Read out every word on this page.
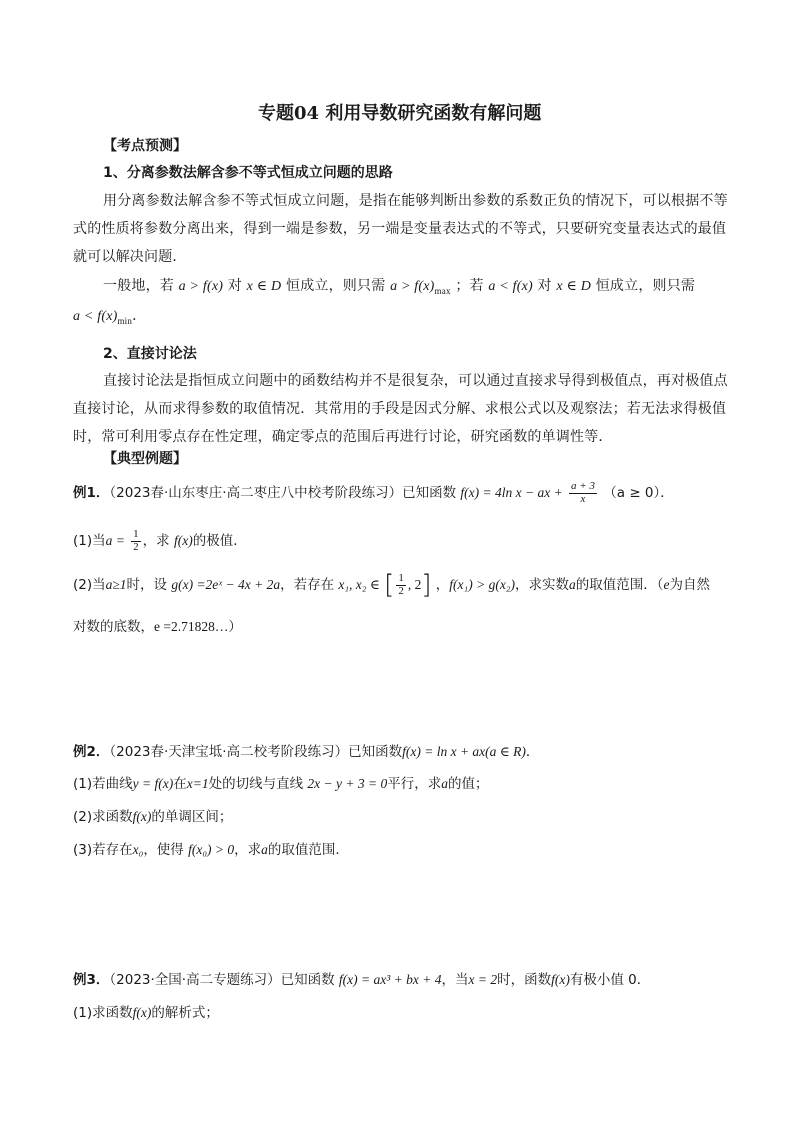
专题04 利用导数研究函数有解问题
【考点预测】
1、分离参数法解含参不等式恒成立问题的思路
用分离参数法解含参不等式恒成立问题，是指在能够判断出参数的系数正负的情况下，可以根据不等
式的性质将参数分离出来，得到一端是参数，另一端是变量表达式的不等式，只要研究变量表达式的最值
就可以解决问题．
一般地，若 a > f(x) 对 x ∈ D 恒成立，则只需 $a > f(x)_{max}$ ；若 a < f(x) 对 x ∈ D 恒成立，则只需
$a < f(x)_{min}$．
2、直接讨论法
直接讨论法是指恒成立问题中的函数结构并不是很复杂，可以通过直接求导得到极值点，再对极值点
直接讨论，从而求得参数的取值情况．其常用的手段是因式分解、求根公式以及观察法；若无法求得极值
时，常可利用零点存在性定理，确定零点的范围后再进行讨论，研究函数的单调性等．
【典型例题】
例1．（2023春·山东枣庄·高二枣庄八中校考阶段练习）已知函数 f(x) = 4ln x − ax + $\frac{a + 3}{x} (a \ge 0)$．
(1)当$a = \frac{1}{2}$ ，求 f(x)的极值．
(2)当a≥1时，设 g(x) =2eˣ − 4x + 2a，若存在 x₁, x₂ ∈ [ $\frac{1}{2}$ , 2] ，f(x₁) > g(x₂)，求实数a的取值范围．（e为自然
对数的底数，e =2.71828…）
例2．（2023春·天津宝坻·高二校考阶段练习）已知函数f(x) = ln x + ax(a ∈ R)．
(1)若曲线y = f(x)在x=1处的切线与直线 2x − y + 3 = 0平行，求a的值；
(2)求函数f(x)的单调区间；
(3)若存在x₀，使得 f(x₀) > 0，求a的取值范围．
例3．（2023·全国·高二专题练习）已知函数 f(x) = ax³ + bx + 4，当x = 2时，函数f(x)有极小值 0．
(1)求函数f(x)的解析式；
